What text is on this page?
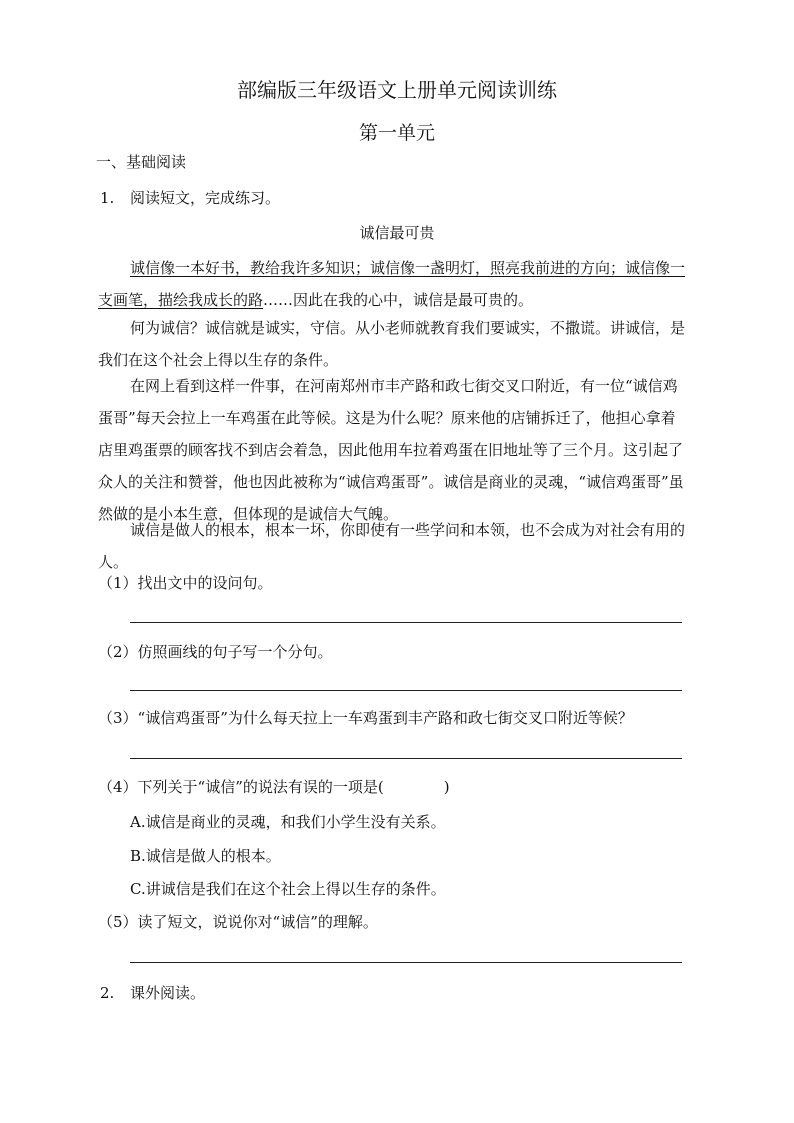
部编版三年级语文上册单元阅读训练
第一单元
一、基础阅读
1. 阅读短文，完成练习。
诚信最可贵
诚信像一本好书，教给我许多知识；诚信像一盏明灯，照亮我前进的方向；诚信像一支画笔，描绘我成长的路……因此在我的心中，诚信是最可贵的。
何为诚信？诚信就是诚实，守信。从小老师就教育我们要诚实，不撒谎。讲诚信，是我们在这个社会上得以生存的条件。
在网上看到这样一件事，在河南郑州市丰产路和政七街交叉口附近，有一位“诚信鸡蛋哥”每天会拉上一车鸡蛋在此等候。这是为什么呢？原来他的店铺拆迁了，他担心拿着店里鸡蛋票的顾客找不到店会着急，因此他用车拉着鸡蛋在旧地址等了三个月。这引起了众人的关注和赞誉，他也因此被称为“诚信鸡蛋哥”。诚信是商业的灵魂，“诚信鸡蛋哥”虽然做的是小本生意，但体现的是诚信大气魄。
诚信是做人的根本，根本一坏，你即使有一些学问和本领，也不会成为对社会有用的人。
（1）找出文中的设问句。
（2）仿照画线的句子写一个分句。
（3）“诚信鸡蛋哥”为什么每天拉上一车鸡蛋到丰产路和政七街交叉口附近等候？
（4）下列关于“诚信”的说法有误的一项是(　　　　)
A.诚信是商业的灵魂，和我们小学生没有关系。
B.诚信是做人的根本。
C.讲诚信是我们在这个社会上得以生存的条件。
（5）读了短文，说说你对“诚信”的理解。
2. 课外阅读。
